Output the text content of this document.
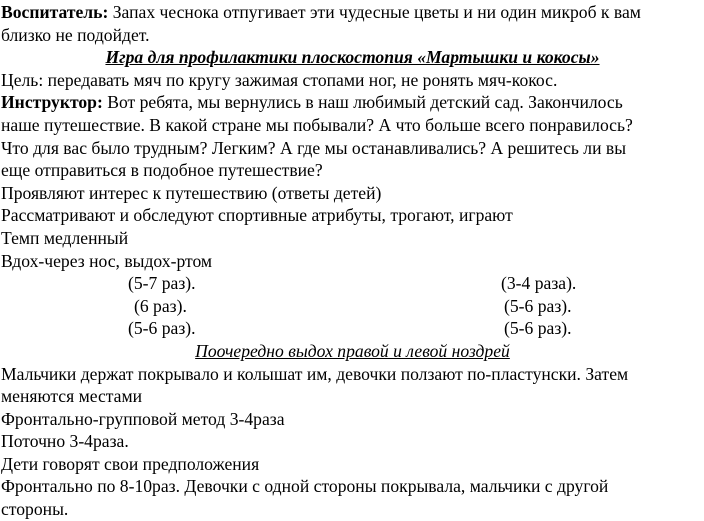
Воспитатель: Запах чеснока отпугивает эти чудесные цветы и ни один микроб к вам
близко не подойдет.
Игра для профилактики плоскостопия «Мартышки и кокосы»
Цель: передавать мяч по кругу зажимая стопами ног, не ронять мяч-кокос.
Инструктор: Вот ребята, мы вернулись в наш любимый детский сад. Закончилось
наше путешествие. В какой стране мы побывали? А что больше всего понравилось?
Что для вас было трудным? Легким? А где мы останавливались? А решитесь ли вы
еще отправиться в подобное путешествие?
Проявляют интерес к путешествию (ответы детей)
Рассматривают и обследуют спортивные атрибуты, трогают, играют
Темп медленный
Вдох-через нос, выдох-ртом
(5-7 раз).	(3-4 раза).
(6 раз).	(5-6 раз).
(5-6 раз).	(5-6 раз).
Поочередно выдох правой и левой ноздрей
Мальчики держат покрывало и колышат им, девочки ползают по-пластунски. Затем
меняются местами
Фронтально-групповой метод 3-4раза
Поточно 3-4раза.
Дети говорят свои предположения
Фронтально по 8-10раз. Девочки с одной стороны покрывала, мальчики с другой
стороны.
